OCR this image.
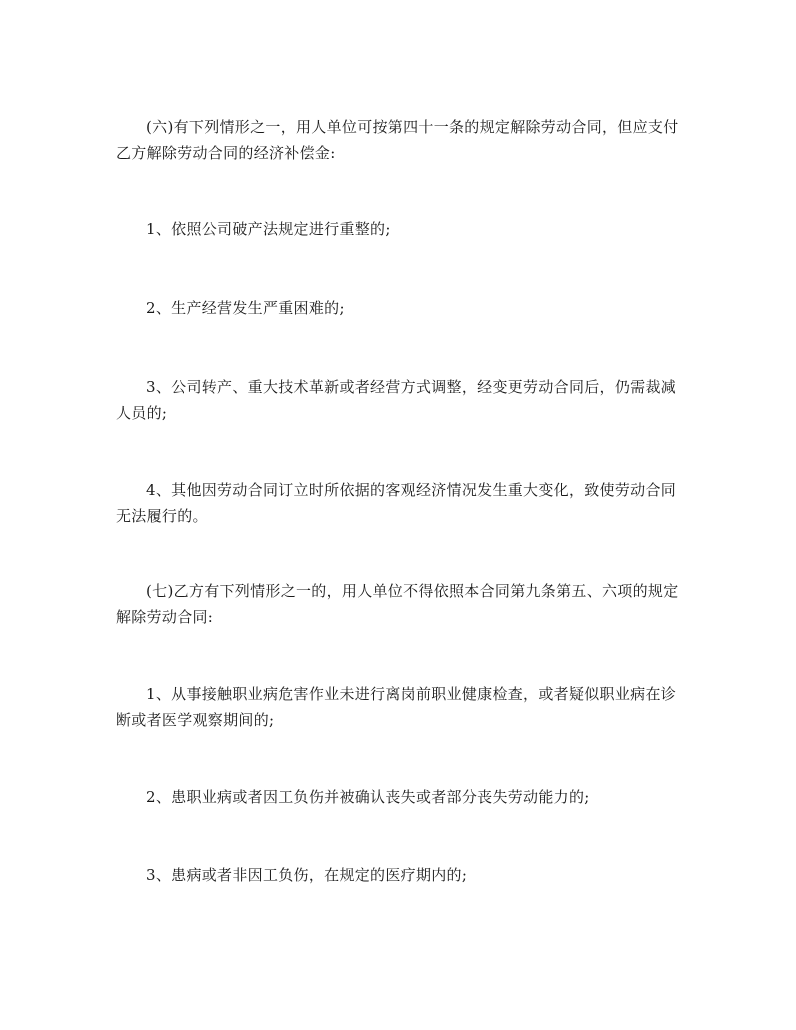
(六)有下列情形之一，用人单位可按第四十一条的规定解除劳动合同，但应支付乙方解除劳动合同的经济补偿金:

1、依照公司破产法规定进行重整的;

2、生产经营发生严重困难的;

3、公司转产、重大技术革新或者经营方式调整，经变更劳动合同后，仍需裁减人员的;

4、其他因劳动合同订立时所依据的客观经济情况发生重大变化，致使劳动合同无法履行的。

(七)乙方有下列情形之一的，用人单位不得依照本合同第九条第五、六项的规定解除劳动合同:

1、从事接触职业病危害作业未进行离岗前职业健康检查，或者疑似职业病在诊断或者医学观察期间的;

2、患职业病或者因工负伤并被确认丧失或者部分丧失劳动能力的;

3、患病或者非因工负伤，在规定的医疗期内的;
